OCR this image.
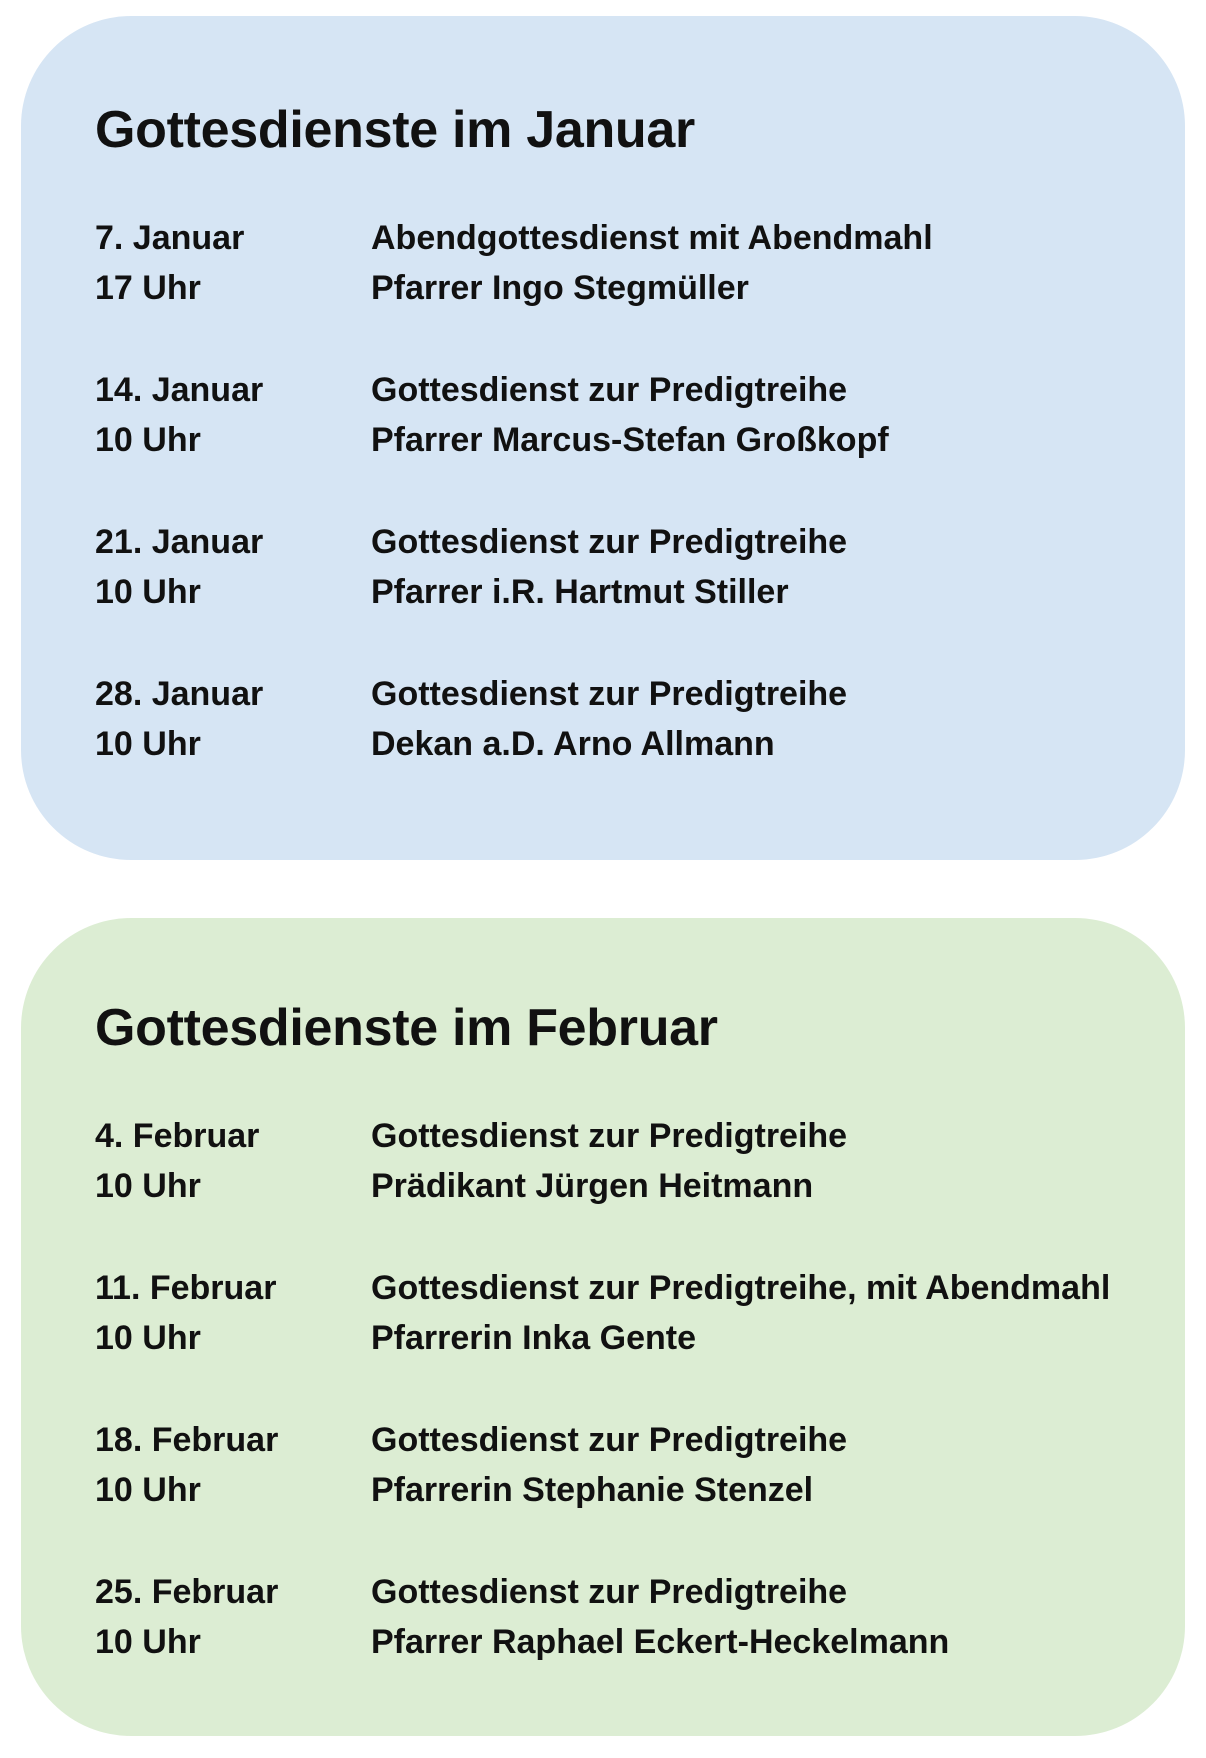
Gottesdienste im Januar
7. Januar	Abendgottesdienst mit Abendmahl
17 Uhr	Pfarrer Ingo Stegmüller
14. Januar	Gottesdienst zur Predigtreihe
10 Uhr	Pfarrer Marcus-Stefan Großkopf
21. Januar	Gottesdienst zur Predigtreihe
10 Uhr	Pfarrer i.R. Hartmut Stiller
28. Januar	Gottesdienst zur Predigtreihe
10 Uhr	Dekan a.D. Arno Allmann
Gottesdienste im Februar
4. Februar	Gottesdienst zur Predigtreihe
10 Uhr	Prädikant Jürgen Heitmann
11. Februar	Gottesdienst zur Predigtreihe, mit Abendmahl
10 Uhr	Pfarrerin Inka Gente
18. Februar	Gottesdienst zur Predigtreihe
10 Uhr	Pfarrerin Stephanie Stenzel
25. Februar	Gottesdienst zur Predigtreihe
10 Uhr	Pfarrer Raphael Eckert-Heckelmann
